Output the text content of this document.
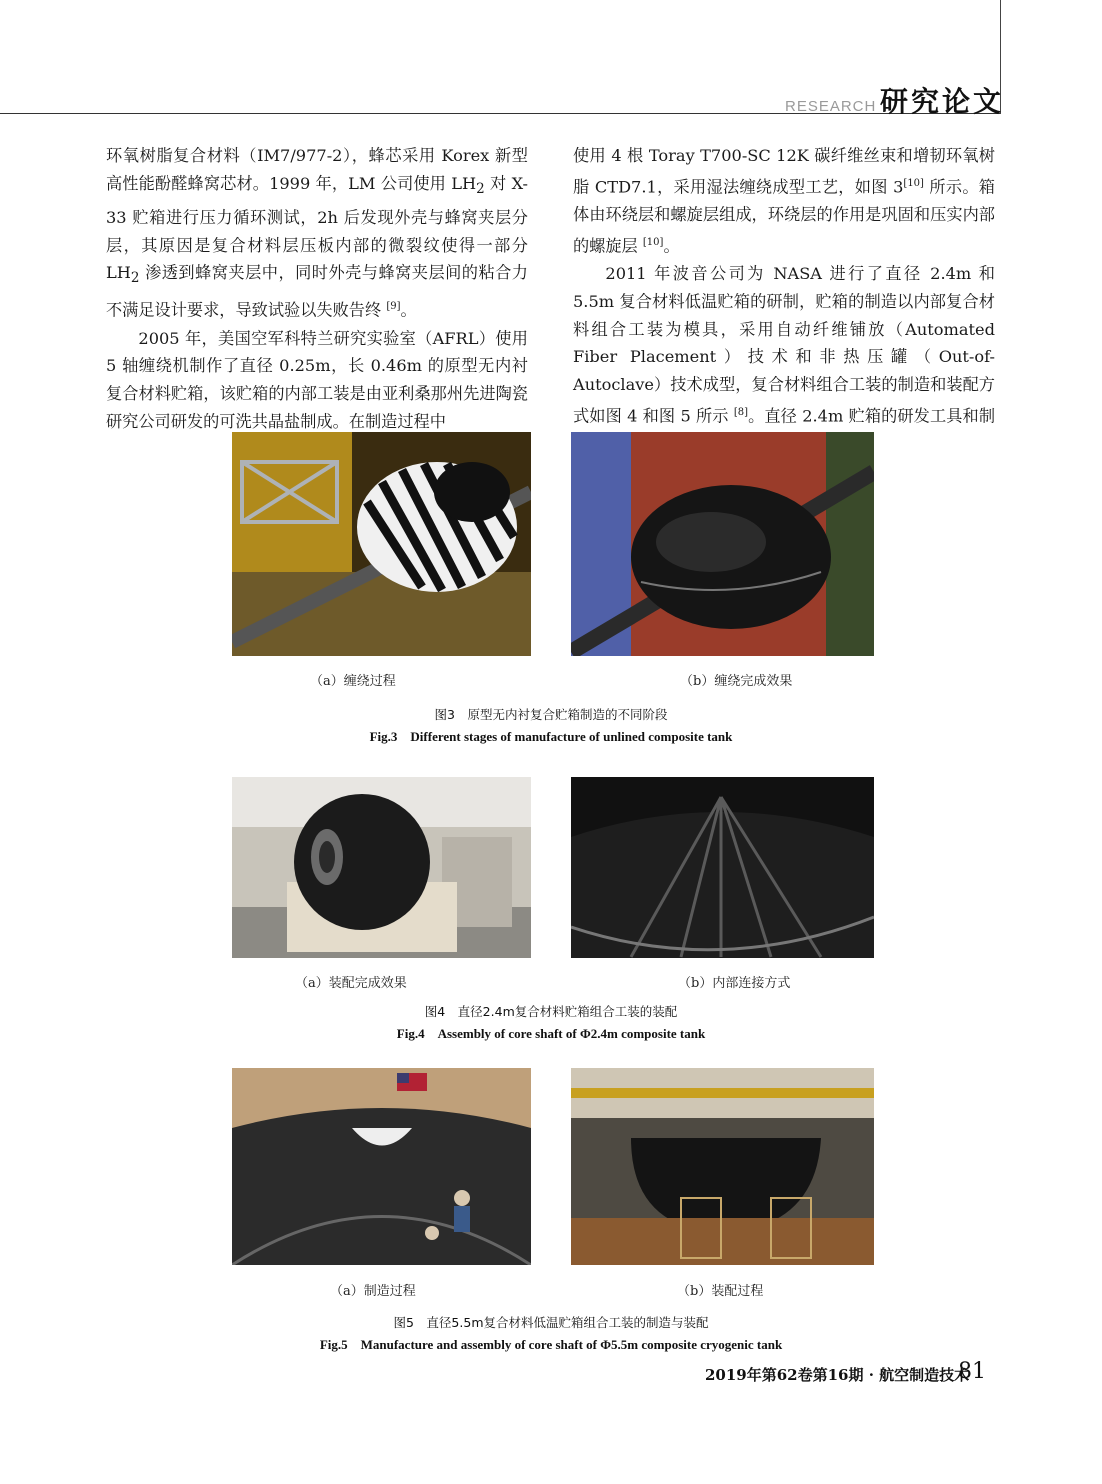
RESEARCH 研究论文

环氧树脂复合材料（IM7/977-2），蜂芯采用 Korex 新型高性能酚醛蜂窝芯材。1999 年，LM 公司使用 $LH_2$ 对 X-33 贮箱进行压力循环测试，2h 后发现外壳与蜂窝夹层分层，其原因是复合材料层压板内部的微裂纹使得一部分 $LH_2$ 渗透到蜂窝夹层中，同时外壳与蜂窝夹层间的粘合力不满足设计要求，导致试验以失败告终 [9]。

2005 年，美国空军科特兰研究实验室（AFRL）使用 5 轴缠绕机制作了直径 0.25m，长 0.46m 的原型无内衬复合材料贮箱，该贮箱的内部工装是由亚利桑那州先进陶瓷研究公司研发的可洗共晶盐制成。在制造过程中

使用 4 根 Toray T700-SC 12K 碳纤维丝束和增韧环氧树脂 CTD7.1，采用湿法缠绕成型工艺，如图 3[10] 所示。箱体由环绕层和螺旋层组成，环绕层的作用是巩固和压实内部的螺旋层 [10]。

2011 年波音公司为 NASA 进行了直径 2.4m 和 5.5m 复合材料低温贮箱的研制，贮箱的制造以内部复合材料组合工装为模具，采用自动纤维铺放（Automated Fiber Placement）技术和非热压罐（Out-of-Autoclave）技术成型，复合材料组合工装的制造和装配方式如图 4 和图 5 所示 [8]。直径 2.4m 贮箱的研发工具和制

（a）缠绕过程	（b）缠绕完成效果
图3　原型无内衬复合贮箱制造的不同阶段
Fig.3　Different stages of manufacture of unlined composite tank
（a）装配完成效果	（b）内部连接方式
图4　直径2.4m复合材料贮箱组合工装的装配
Fig.4　Assembly of core shaft of Φ2.4m composite tank
（a）制造过程	（b）装配过程
图5　直径5.5m复合材料低温贮箱组合工装的制造与装配
Fig.5　Manufacture and assembly of core shaft of Φ5.5m composite cryogenic tank
2019年第62卷第16期 · 航空制造技术
81
